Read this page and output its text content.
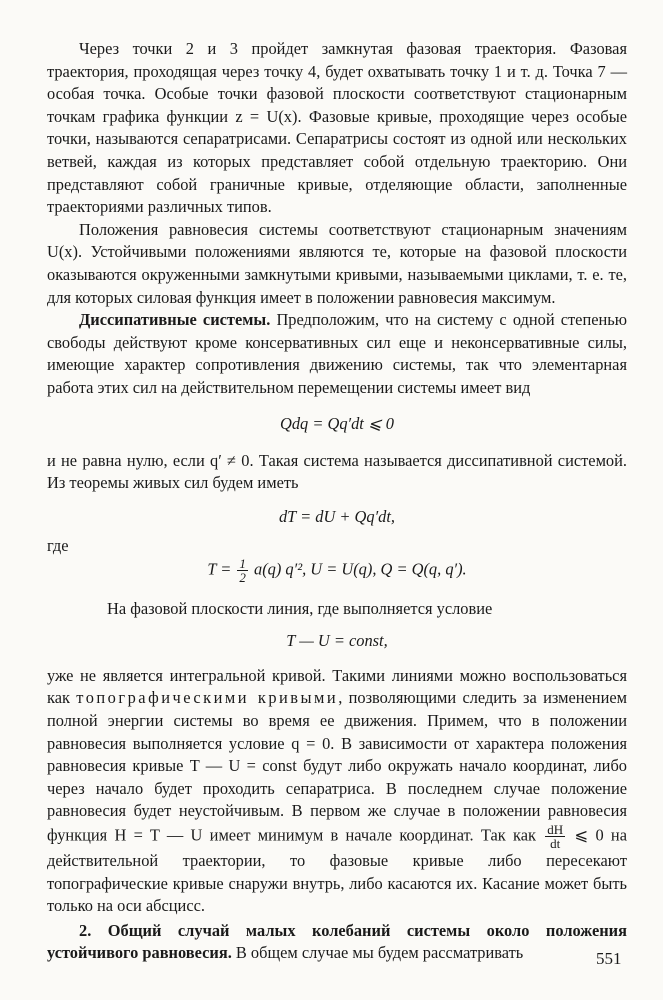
Через точки 2 и 3 пройдет замкнутая фазовая траектория. Фазовая траектория, проходящая через точку 4, будет охватывать точку 1 и т. д. Точка 7 — особая точка. Особые точки фазовой плоскости соответствуют стационарным точкам графика функции z = U(x). Фазовые кривые, проходящие через особые точки, называются сепаратрисами. Сепаратрисы состоят из одной или нескольких ветвей, каждая из которых представляет собой отдельную траекторию. Они представляют собой граничные кривые, отделяющие области, заполненные траекториями различных типов.

Положения равновесия системы соответствуют стационарным значениям U(x). Устойчивыми положениями являются те, которые на фазовой плоскости оказываются окруженными замкнутыми кривыми, называемыми циклами, т. е. те, для которых силовая функция имеет в положении равновесия максимум.

Диссипативные системы. Предположим, что на систему с одной степенью свободы действуют кроме консервативных сил еще и неконсервативные силы, имеющие характер сопротивления движению системы, так что элементарная работа этих сил на действительном перемещении системы имеет вид

Qdq = Qq′dt ⩽ 0

и не равна нулю, если q′ ≠ 0. Такая система называется диссипативной системой. Из теоремы живых сил будем иметь

dT = dU + Qq′dt,

где

$T = \frac{1}{2} a(q)$ q′², U = U(q), Q = Q(q, q′).

На фазовой плоскости линия, где выполняется условие

T — U = const,

уже не является интегральной кривой. Такими линиями можно воспользоваться как топографическими кривыми, позволяющими следить за изменением полной энергии системы во время ее движения. Примем, что в положении равновесия выполняется условие q = 0. В зависимости от характера положения равновесия кривые T — U = const будут либо окружать начало координат, либо через начало будет проходить сепаратриса. В последнем случае положение равновесия будет неустойчивым. В первом же случае в положении равновесия функция H = T — U имеет минимум в начале координат. Так как $\frac{dH}{dt}$ ⩽ 0 на действительной траектории, то фазовые кривые либо пересекают топографические кривые снаружи внутрь, либо касаются их. Касание может быть только на оси абсцисс.

2. Общий случай малых колебаний системы около положения устойчивого равновесия. В общем случае мы будем рассматривать	551
